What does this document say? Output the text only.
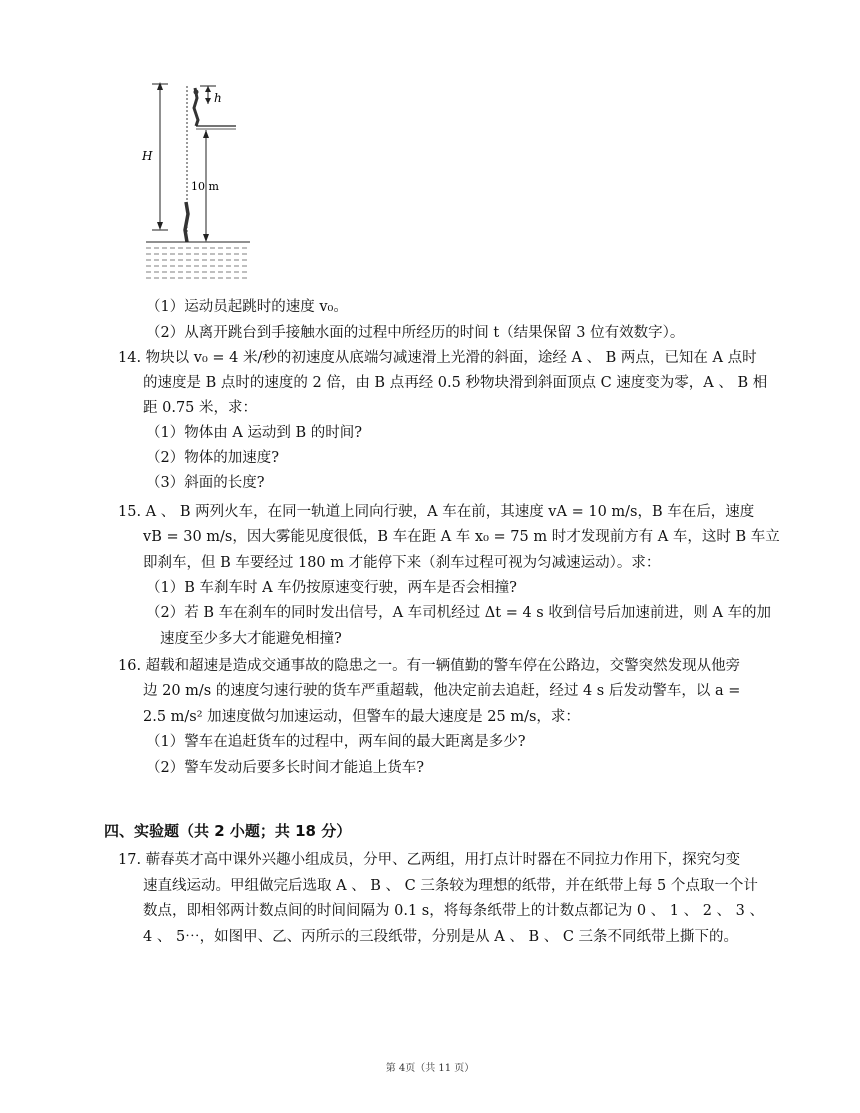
H
h
10 m
（1）运动员起跳时的速度 v₀。
（2）从离开跳台到手接触水面的过程中所经历的时间 t（结果保留 3 位有效数字）。
14. 物块以 v₀ = 4 米/秒的初速度从底端匀减速滑上光滑的斜面，途经 A 、 B 两点，已知在 A 点时
的速度是 B 点时的速度的 2 倍，由 B 点再经 0.5 秒物块滑到斜面顶点 C 速度变为零，A 、 B 相
距 0.75 米，求：
（1）物体由 A 运动到 B 的时间?
（2）物体的加速度?
（3）斜面的长度?
15. A 、 B 两列火车，在同一轨道上同向行驶，A 车在前，其速度 vA = 10 m/s，B 车在后，速度
vB = 30 m/s，因大雾能见度很低，B 车在距 A 车 x₀ = 75 m 时才发现前方有 A 车，这时 B 车立
即刹车，但 B 车要经过 180 m 才能停下来（刹车过程可视为匀减速运动）。求：
（1）B 车刹车时 A 车仍按原速变行驶，两车是否会相撞?
（2）若 B 车在刹车的同时发出信号，A 车司机经过 Δt = 4 s 收到信号后加速前进，则 A 车的加
速度至少多大才能避免相撞?
16. 超载和超速是造成交通事故的隐患之一。有一辆值勤的警车停在公路边，交警突然发现从他旁
边 20 m/s 的速度匀速行驶的货车严重超载，他决定前去追赶，经过 4 s 后发动警车，以 a =
2.5 m/s² 加速度做匀加速运动，但警车的最大速度是 25 m/s，求：
（1）警车在追赶货车的过程中，两车间的最大距离是多少?
（2）警车发动后要多长时间才能追上货车?
四、实验题（共 2 小题；共 18 分）
17. 蕲春英才高中课外兴趣小组成员，分甲、乙两组，用打点计时器在不同拉力作用下，探究匀变
速直线运动。甲组做完后选取 A 、 B 、 C 三条较为理想的纸带，并在纸带上每 5 个点取一个计
数点，即相邻两计数点间的时间间隔为 0.1 s，将每条纸带上的计数点都记为 0 、 1 、 2 、 3 、
4 、 5⋯，如图甲、乙、丙所示的三段纸带，分别是从 A 、 B 、 C 三条不同纸带上撕下的。
第 4页（共 11 页）
